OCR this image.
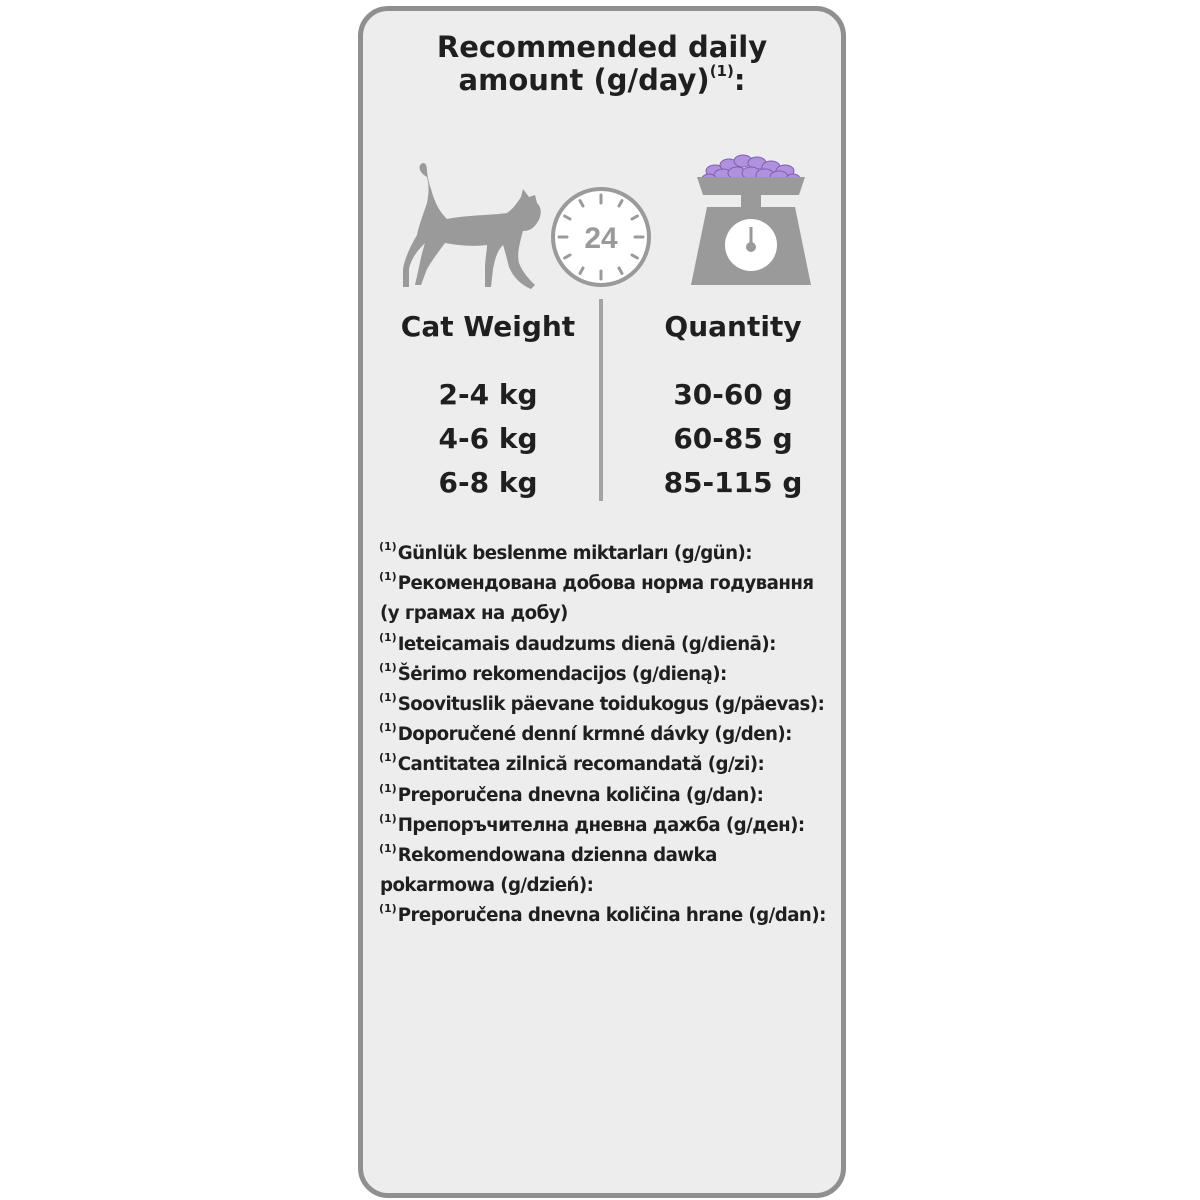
Recommended daily
amount $(g/day)^{(1)}$:
24
Cat Weight
2-4 kg
4-6 kg
6-8 kg
Quantity
30-60 g
60-85 g
85-115 g
$^{(1)}$Günlük beslenme miktarları (g/gün):
$^{(1)}$Рекомендована добова норма годування
(у грамах на добу)
$^{(1)}$Ieteicamais daudzums dienā (g/dienā):
$^{(1)}$Šėrimo rekomendacijos (g/dieną):
$^{(1)}$Soovituslik päevane toidukogus (g/päevas):
$^{(1)}$Doporučené denní krmné dávky (g/den):
$^{(1)}$Cantitatea zilnică recomandată (g/zi):
$^{(1)}$Preporučena dnevna količina (g/dan):
$^{(1)}$Препоръчителна дневна дажба (g/ден):
$^{(1)}$Rekomendowana dzienna dawka
pokarmowa (g/dzień):
$^{(1)}$Preporučena dnevna količina hrane (g/dan):
